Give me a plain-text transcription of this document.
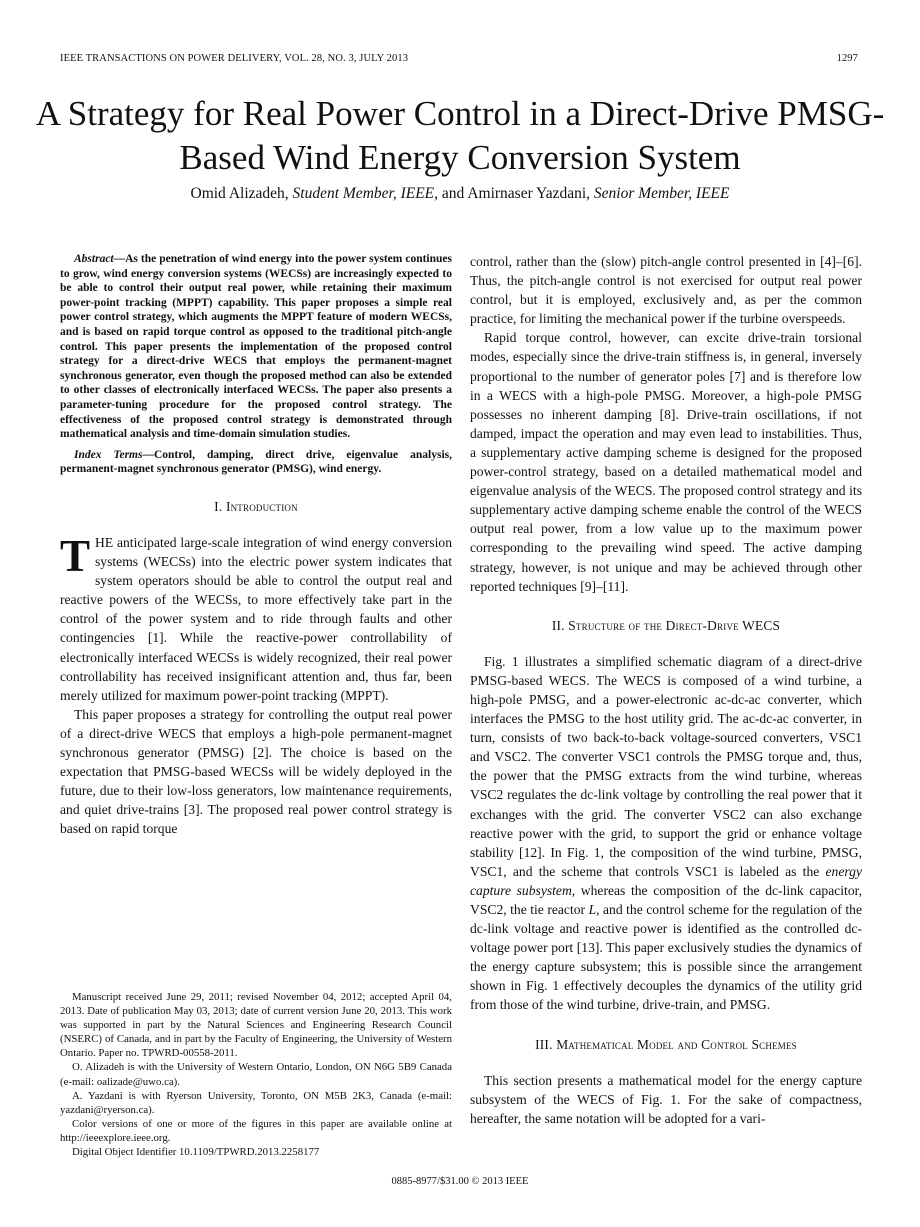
IEEE TRANSACTIONS ON POWER DELIVERY, VOL. 28, NO. 3, JULY 2013	1297
A Strategy for Real Power Control in a Direct-Drive PMSG-Based Wind Energy Conversion System
Omid Alizadeh, Student Member, IEEE, and Amirnaser Yazdani, Senior Member, IEEE

Abstract—As the penetration of wind energy into the power system continues to grow, wind energy conversion systems (WECSs) are increasingly expected to be able to control their output real power, while retaining their maximum power-point tracking (MPPT) capability. This paper proposes a simple real power control strategy, which augments the MPPT feature of modern WECSs, and is based on rapid torque control as opposed to the traditional pitch-angle control. This paper presents the implementation of the proposed control strategy for a direct-drive WECS that employs the permanent-magnet synchronous generator, even though the proposed method can also be extended to other classes of electronically interfaced WECSs. The paper also presents a parameter-tuning procedure for the proposed control strategy. The effectiveness of the proposed control strategy is demonstrated through mathematical analysis and time-domain simulation studies.

Index Terms—Control, damping, direct drive, eigenvalue analysis, permanent-magnet synchronous generator (PMSG), wind energy.

I. Introduction

THE anticipated large-scale integration of wind energy conversion systems (WECSs) into the electric power system indicates that system operators should be able to control the output real and reactive powers of the WECSs, to more effectively take part in the control of the power system and to ride through faults and other contingencies [1]. While the reactive-power controllability of electronically interfaced WECSs is widely recognized, their real power controllability has received insignificant attention and, thus far, been merely utilized for maximum power-point tracking (MPPT).

This paper proposes a strategy for controlling the output real power of a direct-drive WECS that employs a high-pole permanent-magnet synchronous generator (PMSG) [2]. The choice is based on the expectation that PMSG-based WECSs will be widely deployed in the future, due to their low-loss generators, low maintenance requirements, and quiet drive-trains [3]. The proposed real power control strategy is based on rapid torque

Manuscript received June 29, 2011; revised November 04, 2012; accepted April 04, 2013. Date of publication May 03, 2013; date of current version June 20, 2013. This work was supported in part by the Natural Sciences and Engineering Research Council (NSERC) of Canada, and in part by the Faculty of Engineering, the University of Western Ontario. Paper no. TPWRD-00558-2011.

O. Alizadeh is with the University of Western Ontario, London, ON N6G 5B9 Canada (e-mail: oalizade@uwo.ca).

A. Yazdani is with Ryerson University, Toronto, ON M5B 2K3, Canada (e-mail: yazdani@ryerson.ca).

Color versions of one or more of the figures in this paper are available online at http://ieeexplore.ieee.org.

Digital Object Identifier 10.1109/TPWRD.2013.2258177

control, rather than the (slow) pitch-angle control presented in [4]–[6]. Thus, the pitch-angle control is not exercised for output real power control, but it is employed, exclusively and, as per the common practice, for limiting the mechanical power if the turbine overspeeds.

Rapid torque control, however, can excite drive-train torsional modes, especially since the drive-train stiffness is, in general, inversely proportional to the number of generator poles [7] and is therefore low in a WECS with a high-pole PMSG. Moreover, a high-pole PMSG possesses no inherent damping [8]. Drive-train oscillations, if not damped, impact the operation and may even lead to instabilities. Thus, a supplementary active damping scheme is designed for the proposed power-control strategy, based on a detailed mathematical model and eigenvalue analysis of the WECS. The proposed control strategy and its supplementary active damping scheme enable the control of the WECS output real power, from a low value up to the maximum power corresponding to the prevailing wind speed. The active damping strategy, however, is not unique and may be achieved through other reported techniques [9]–[11].

II. Structure of the Direct-Drive WECS

Fig. 1 illustrates a simplified schematic diagram of a direct-drive PMSG-based WECS. The WECS is composed of a wind turbine, a high-pole PMSG, and a power-electronic ac-dc-ac converter, which interfaces the PMSG to the host utility grid. The ac-dc-ac converter, in turn, consists of two back-to-back voltage-sourced converters, VSC1 and VSC2. The converter VSC1 controls the PMSG torque and, thus, the power that the PMSG extracts from the wind turbine, whereas VSC2 regulates the dc-link voltage by controlling the real power that it exchanges with the grid. The converter VSC2 can also exchange reactive power with the grid, to support the grid or enhance voltage stability [12]. In Fig. 1, the composition of the wind turbine, PMSG, VSC1, and the scheme that controls VSC1 is labeled as the energy capture subsystem, whereas the composition of the dc-link capacitor, VSC2, the tie reactor L, and the control scheme for the regulation of the dc-link voltage and reactive power is identified as the controlled dc-voltage power port [13]. This paper exclusively studies the dynamics of the energy capture subsystem; this is possible since the arrangement shown in Fig. 1 effectively decouples the dynamics of the utility grid from those of the wind turbine, drive-train, and PMSG.

III. Mathematical Model and Control Schemes

This section presents a mathematical model for the energy capture subsystem of the WECS of Fig. 1. For the sake of compactness, hereafter, the same notation will be adopted for a vari-

0885-8977/$31.00 © 2013 IEEE
